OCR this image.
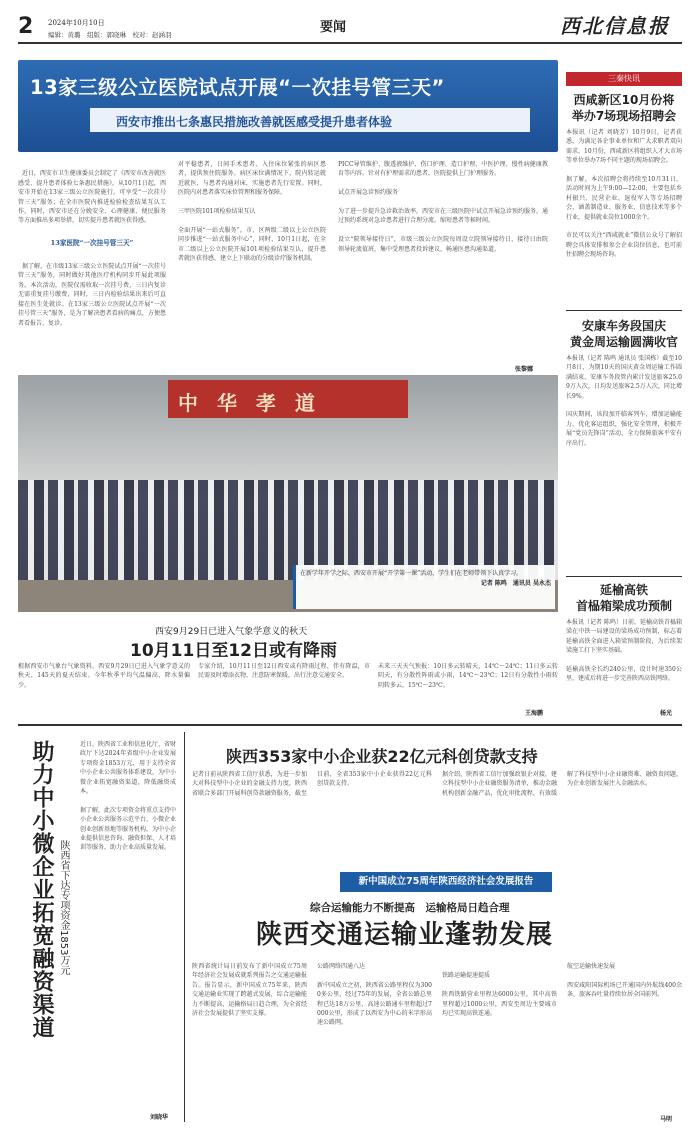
2 2024年10月10日
编辑：黄璐　组版：郭晓琳　校对：赵涵羽	要闻	西北信息报
13家三级公立医院试点开展“一次挂号管三天”
西安市推出七条惠民措施改善就医感受提升患者体验

近日，西安市卫生健康委员会制定了《西安市改善就医感受、提升患者体验七条惠民措施》，从10月1日起，西安市开始在13家三级公立医院施行。可享受“一次挂号管三天”服务；在全市医院内推进检验检查结果互认工作，同时，西安市还在分娩安全、心理健康、便民服务等方面推出多项举措，切实提升患者就医获得感。

13家医院“一次挂号管三天”

据了解，在市级13家三级公立医院试点开展“一次挂号管三天”服务，同时做好其他医疗机构同步开展此项服务。本次活动，医院仅需收取一次挂号费，三日内复诊无需重复挂号缴费，同时，三日内检验结果出来后可直接在医生处就诊。在13家三级公立医院试点开展“一次挂号管三天”服务，是为了解决患者看病的痛点，方便患者看报告、复诊。

对平稳患者，日间手术患者、入住床位紧张的病区患者，提供预住院服务。病区床位满情况下，院内转运就近就医，与患者沟通对床，实施患者先行安置。同时，医院内对患者落实床位管理和服务保障。

三甲医院101项检验结果互认

全面开展“一站式服务”。市、区两级二级以上公立医院同步推进“一站式服务中心”，同时，10月1日起，在全市二级以上公立医院开展101项检验结果互认，提升患者就医获得感，建立上下联动的分级诊疗服务机制。
PICC导管维护、腹透液维护、伤口护理、造口护理、中医护理、慢性病健康教育等内容。针对有护理需求的患者，医院提供上门护理服务。

试点开展急诊预约服务

为了进一步提升急诊救治效率，西安市在三级医院中试点开展急诊预约服务，通过预约系统对急诊患者进行合理分流，缩短患者等候时间。

设立“院领导接待日”，市级三级公立医院每周设立院领导接待日，接待日由院领导轮流值班，集中受理患者投诉建议，畅通医患沟通渠道。
张黎娜
中 华 孝 道
在新学年开学之际，西安市开展“开学第一课”活动，学生们在老师带领下认真学习。
记者 陈鸣　通讯员 吴永杰
三秦快讯
西咸新区10月份将
举办7场现场招聘会
本报讯（记者 刘晓芳）10月9日，记者获悉，为满足各企事业单位和广大求职者双向需求，10月份，西咸新区将组织人才大市场等单位举办7场不同主题的现场招聘会。

据了解，本次招聘会将持续至10月31日，活动时间为上午9:00—12:00，主要包括乡村振兴、民营企业、退役军人等专场招聘会，涵盖制造业、服务业、信息技术等多个行业，提供就业岗位1000余个。

市民可以关注“西咸就业”微信公众号了解招聘会具体安排和参会企业岗位信息，也可前往招聘会现场咨询。
安康车务段国庆
黄金周运输圆满收官
本报讯（记者 陈鸣 通讯员 张国栋）截至10月8日，为期10天的国庆黄金周运输工作圆满结束，安康车务段管内累计发送旅客25.09万人次，日均发送旅客2.5万人次，同比增长9%。

国庆期间，该段加开临客列车，增加运输能力，优化客运组织，强化安全管理，积极开展“党员先锋岗”活动，全力保障旅客平安有序出行。
延榆高铁
首榀箱梁成功预制
本报讯（记者 陈鸣）日前，延榆高铁首榀箱梁在中铁一局建设的梁场成功预制，标志着延榆高铁全面进入箱梁预制阶段，为后续架梁施工打下坚实基础。

延榆高铁全长约240公里，设计时速350公里，建成后将进一步完善陕西高铁网络。
杨光
西安9月29日已进入气象学意义的秋天
10月11日至12日或有降雨
根据西安市气象台气象资料，西安9月29日已进入气象学意义的秋天，145天的夏天结束。今年秋季平均气温偏高，降水量偏少。
专家介绍，10月11日至12日西安或有降雨过程，伴有降温，市民需及时增添衣物，注意防寒保暖，出行注意交通安全。
未来三天天气预报：10日多云转晴天，14℃～24℃；11日多云转阴天，有分散性阵雨或小雨，14℃～23℃；12日有分散性小雨转阴转多云，15℃～23℃。
王海鹏
助力中小微企业拓宽融资渠道 陕西省下达专项资金1853万元
近日，陕西省工业和信息化厅、省财政厅下达2024年省级中小企业发展专项资金1853万元，用于支持全省中小企业公共服务体系建设，为中小微企业拓宽融资渠道，降低融资成本。

据了解，此次专项资金将重点支持中小企业公共服务示范平台、小微企业创业创新基地等服务机构，为中小企业提供信息咨询、融资担保、人才培训等服务，助力企业高质量发展。
刘晓华
陕西353家中小企业获22亿元科创贷款支持
记者日前从陕西省工信厅获悉，为进一步加大对科技型中小企业的金融支持力度，陕西省联合多部门开展科创贷款融资服务，截至目前，全省353家中小企业获得22亿元科创贷款支持。

据介绍，陕西省工信厅加强政银企对接，建立科技型中小企业融资服务清单，推动金融机构创新金融产品，优化审批流程，有效缓解了科技型中小企业融资难、融资贵问题，为企业创新发展注入金融活水。
新中国成立75周年陕西经济社会发展报告
综合运输能力不断提高　运输格局日趋合理
陕西交通运输业蓬勃发展
陕西省统计局日前发布了新中国成立75周年经济社会发展成就系列报告之交通运输报告。报告显示，新中国成立75年来，陕西交通运输业实现了跨越式发展，综合运输能力不断提高，运输格局日趋合理，为全省经济社会发展提供了坚实支撑。

公路网络四通八达

新中国成立之初，陕西省公路里程仅为3000多公里，经过75年的发展，全省公路总里程已达18万公里，高速公路通车里程超过7000公里，形成了以西安为中心的米字形高速公路网。

铁路运输提速提质

陕西铁路营业里程达6000公里，其中高铁里程超过1000公里，西安至周边主要城市均已实现高铁连通。

航空运输快速发展

西安咸阳国际机场已开通国内外航线400余条，旅客吞吐量持续位居全国前列。
马明
